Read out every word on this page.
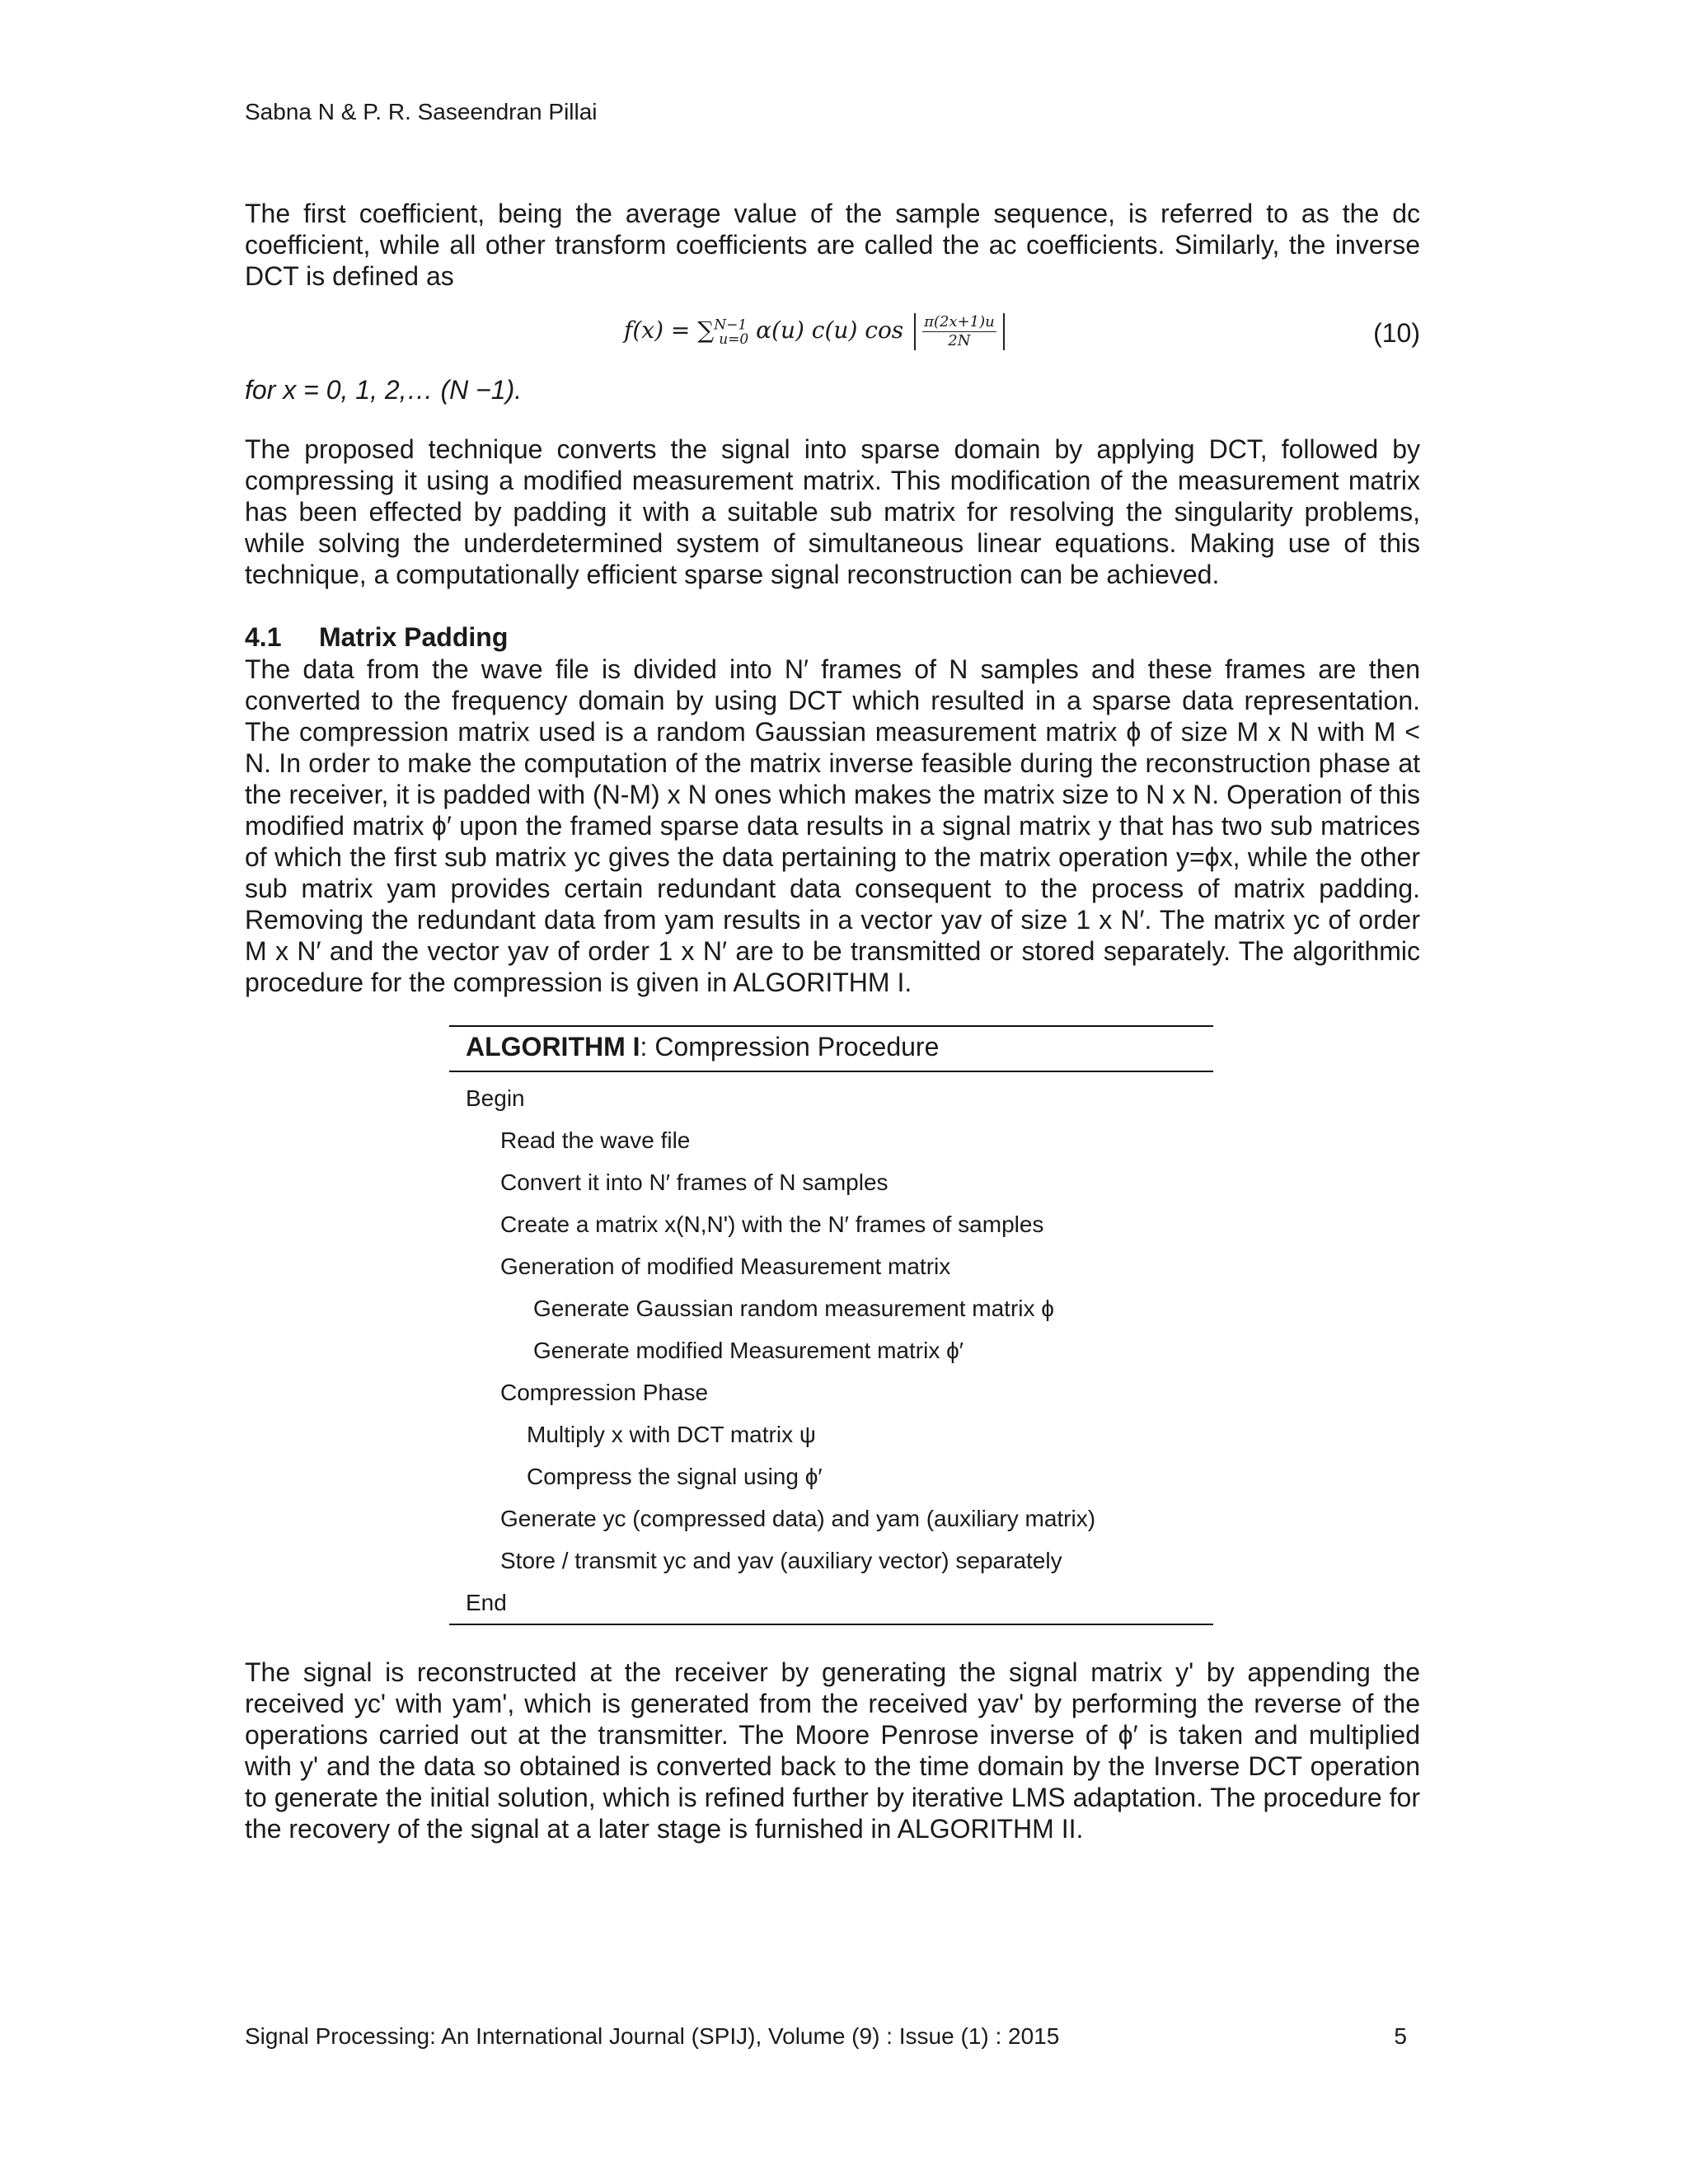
Sabna N & P. R. Saseendran Pillai
The first coefficient, being the average value of the sample sequence, is referred to as the dc coefficient, while all other transform coefficients are called the ac coefficients. Similarly, the inverse DCT is defined as
f(x) = ∑$^{N-1}_{u=0}$ α(u) c(u) $\cos \frac{\pi(2x+1)u}{2N}$	(10)
for x = 0, 1, 2,… (N −1).
The proposed technique converts the signal into sparse domain by applying DCT, followed by compressing it using a modified measurement matrix. This modification of the measurement matrix has been effected by padding it with a suitable sub matrix for resolving the singularity problems, while solving the underdetermined system of simultaneous linear equations. Making use of this technique, a computationally efficient sparse signal reconstruction can be achieved.
4.1 Matrix Padding
The data from the wave file is divided into N′ frames of N samples and these frames are then converted to the frequency domain by using DCT which resulted in a sparse data representation. The compression matrix used is a random Gaussian measurement matrix ϕ of size M x N with M < N. In order to make the computation of the matrix inverse feasible during the reconstruction phase at the receiver, it is padded with (N-M) x N ones which makes the matrix size to N x N. Operation of this modified matrix ϕ′ upon the framed sparse data results in a signal matrix y that has two sub matrices of which the first sub matrix yc gives the data pertaining to the matrix operation y=ϕx, while the other sub matrix yam provides certain redundant data consequent to the process of matrix padding. Removing the redundant data from yam results in a vector yav of size 1 x N′. The matrix yc of order M x N′ and the vector yav of order 1 x N′ are to be transmitted or stored separately. The algorithmic procedure for the compression is given in ALGORITHM I.
ALGORITHM I: Compression Procedure
Begin
Read the wave file
Convert it into N′ frames of N samples
Create a matrix x(N,N') with the N′ frames of samples
Generation of modified Measurement matrix
Generate Gaussian random measurement matrix ϕ
Generate modified Measurement matrix ϕ′
Compression Phase
Multiply x with DCT matrix ψ
Compress the signal using ϕ′
Generate yc (compressed data) and yam (auxiliary matrix)
Store / transmit yc and yav (auxiliary vector) separately
End
The signal is reconstructed at the receiver by generating the signal matrix y' by appending the received yc' with yam', which is generated from the received yav' by performing the reverse of the operations carried out at the transmitter. The Moore Penrose inverse of ϕ′ is taken and multiplied with y' and the data so obtained is converted back to the time domain by the Inverse DCT operation to generate the initial solution, which is refined further by iterative LMS adaptation. The procedure for the recovery of the signal at a later stage is furnished in ALGORITHM II.
Signal Processing: An International Journal (SPIJ), Volume (9) : Issue (1) : 2015	5
